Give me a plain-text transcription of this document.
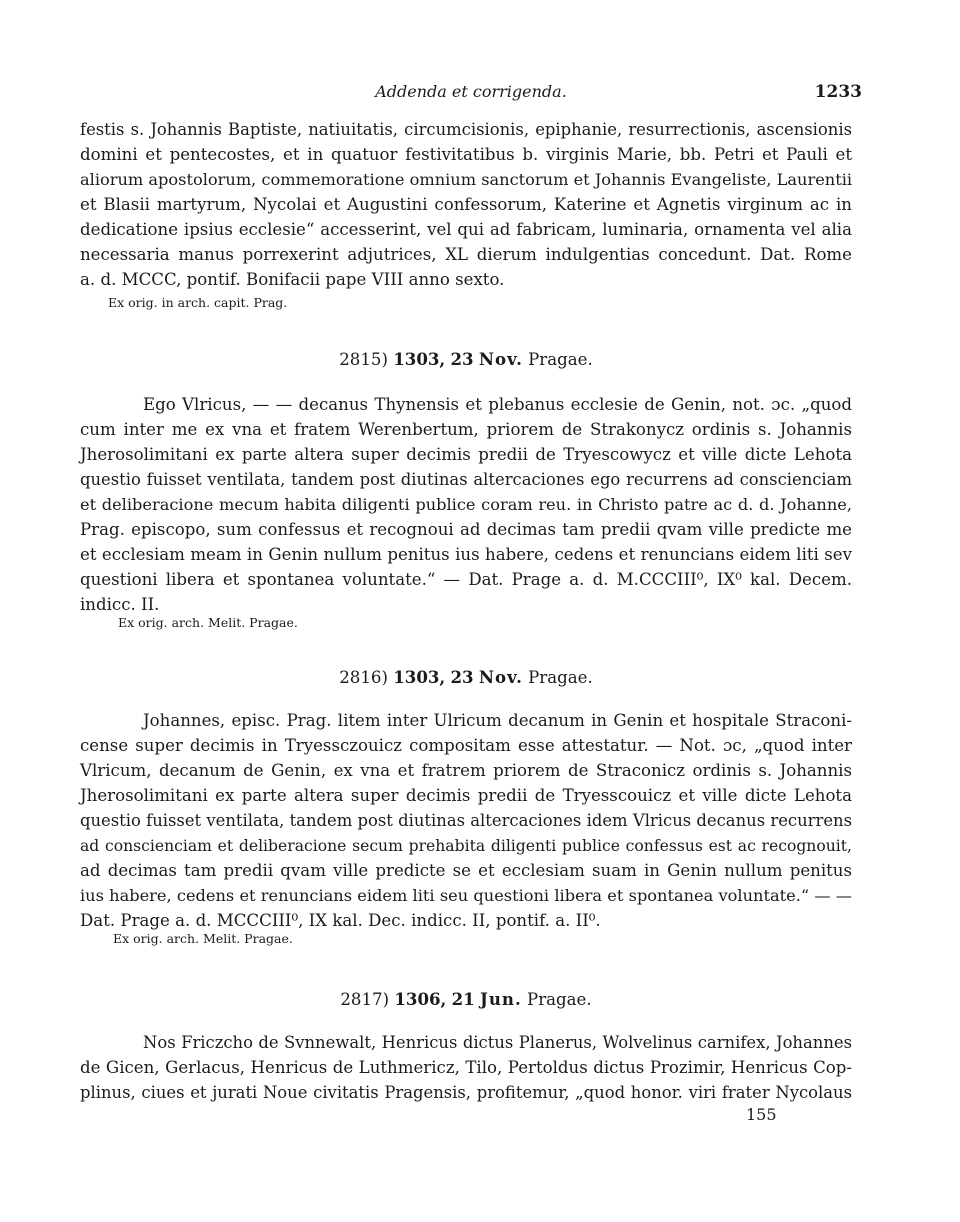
Addenda et corrigenda.	1233
festis s. Johannis Baptiste, natiuitatis, circumcisionis, epiphanie, resurrectionis, ascensionis
domini et pentecostes, et in quatuor festivitatibus b. virginis Marie, bb. Petri et Pauli et
aliorum apostolorum, commemoratione omnium sanctorum et Johannis Evangeliste, Laurentii
et Blasii martyrum, Nycolai et Augustini confessorum, Katerine et Agnetis virginum ac in
dedicatione ipsius ecclesie“ accesserint, vel qui ad fabricam, luminaria, ornamenta vel alia
necessaria manus porrexerint adjutrices, XL dierum indulgentias concedunt. Dat. Rome
a. d. MCCC, pontif. Bonifacii pape VIII anno sexto.
Ex orig. in arch. capit. Prag.
2815) 1303, 23 Nov. Pragae.
Ego Vlricus, — — decanus Thynensis et plebanus ecclesie de Genin, not. ɔc. „quod
cum inter me ex vna et fratem Werenbertum, priorem de Strakonycz ordinis s. Johannis
Jherosolimitani ex parte altera super decimis predii de Tryescowycz et ville dicte Lehota
questio fuisset ventilata, tandem post diutinas altercaciones ego recurrens ad conscienciam
et deliberacione mecum habita diligenti publice coram reu. in Christo patre ac d. d. Johanne,
Prag. episcopo, sum confessus et recognoui ad decimas tam predii qvam ville predicte me
et ecclesiam meam in Genin nullum penitus ius habere, cedens et renuncians eidem liti sev
questioni libera et spontanea voluntate.“ — Dat. Prage a. d. M.CCCIII⁰, IX⁰ kal. Decem.
indicc. II.
Ex orig. arch. Melit. Pragae.
2816) 1303, 23 Nov. Pragae.
Johannes, episc. Prag. litem inter Ulricum decanum in Genin et hospitale Straconi-
cense super decimis in Tryessczouicz compositam esse attestatur. — Not. ɔc, „quod inter
Vlricum, decanum de Genin, ex vna et fratrem priorem de Straconicz ordinis s. Johannis
Jherosolimitani ex parte altera super decimis predii de Tryesscouicz et ville dicte Lehota
questio fuisset ventilata, tandem post diutinas altercaciones idem Vlricus decanus recurrens
ad conscienciam et deliberacione secum prehabita diligenti publice confessus est ac recognouit,
ad decimas tam predii qvam ville predicte se et ecclesiam suam in Genin nullum penitus
ius habere, cedens et renuncians eidem liti seu questioni libera et spontanea voluntate.“ — —
Dat. Prage a. d. MCCCIII⁰, IX kal. Dec. indicc. II, pontif. a. II⁰.
Ex orig. arch. Melit. Pragae.
2817) 1306, 21 Jun. Pragae.
Nos Friczcho de Svnnewalt, Henricus dictus Planerus, Wolvelinus carnifex, Johannes
de Gicen, Gerlacus, Henricus de Luthmericz, Tilo, Pertoldus dictus Prozimir, Henricus Cop-
plinus, ciues et jurati Noue civitatis Pragensis, profitemur, „quod honor. viri frater Nycolaus
155
